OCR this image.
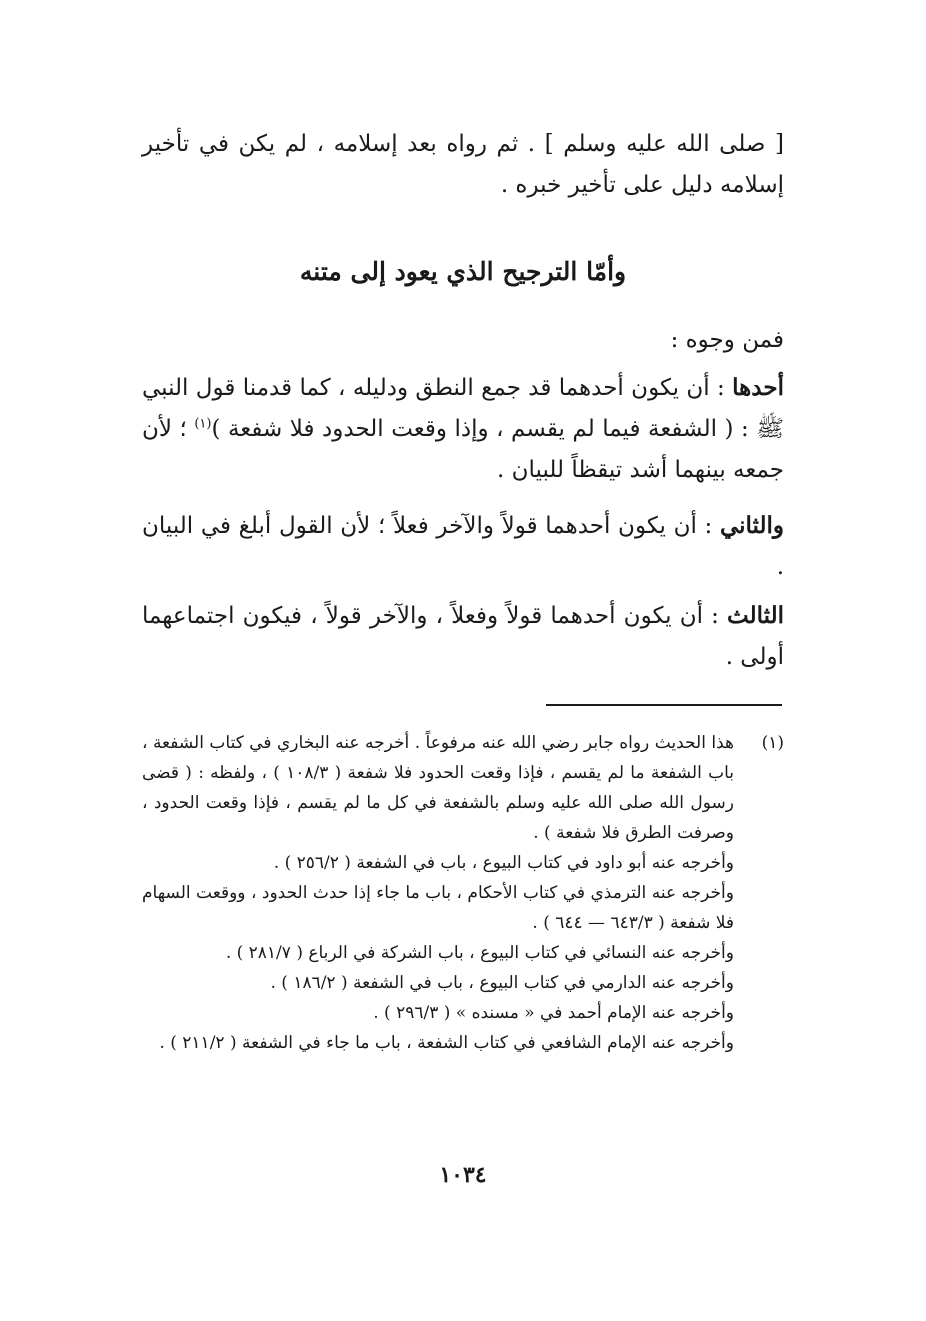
[ صلى الله عليه وسلم ] . ثم رواه بعد إسلامه ، لم يكن في تأخير إسلامه دليل على تأخير خبره .

وأمّا الترجيح الذي يعود إلى متنه

فمن وجوه :

أحدها : أن يكون أحدهما قد جمع النطق ودليله ، كما قدمنا قول النبي ﷺ : ( الشفعة فيما لم يقسم ، وإذا وقعت الحدود فلا شفعة )$^{(١)}$ ؛ لأن جمعه بينهما أشد تيقظاً للبيان .

والثاني : أن يكون أحدهما قولاً والآخر فعلاً ؛ لأن القول أبلغ في البيان .

الثالث : أن يكون أحدهما قولاً وفعلاً ، والآخر قولاً ، فيكون اجتماعهما أولى .

(١)
هذا الحديث رواه جابر رضي الله عنه مرفوعاً . أخرجه عنه البخاري في كتاب الشفعة ، باب الشفعة ما لم يقسم ، فإذا وقعت الحدود فلا شفعة ( ١٠٨/٣ ) ، ولفظه : ( قضى رسول الله صلى الله عليه وسلم بالشفعة في كل ما لم يقسم ، فإذا وقعت الحدود ، وصرفت الطرق فلا شفعة ) .
وأخرجه عنه أبو داود في كتاب البيوع ، باب في الشفعة ( ٢٥٦/٢ ) .
وأخرجه عنه الترمذي في كتاب الأحكام ، باب ما جاء إذا حدث الحدود ، ووقعت السهام فلا شفعة ( ٦٤٣/٣ — ٦٤٤ ) .
وأخرجه عنه النسائي في كتاب البيوع ، باب الشركة في الرباع ( ٢٨١/٧ ) .
وأخرجه عنه الدارمي في كتاب البيوع ، باب في الشفعة ( ١٨٦/٢ ) .
وأخرجه عنه الإمام أحمد في « مسنده » ( ٢٩٦/٣ ) .
وأخرجه عنه الإمام الشافعي في كتاب الشفعة ، باب ما جاء في الشفعة ( ٢١١/٢ ) .
١٠٣٤
